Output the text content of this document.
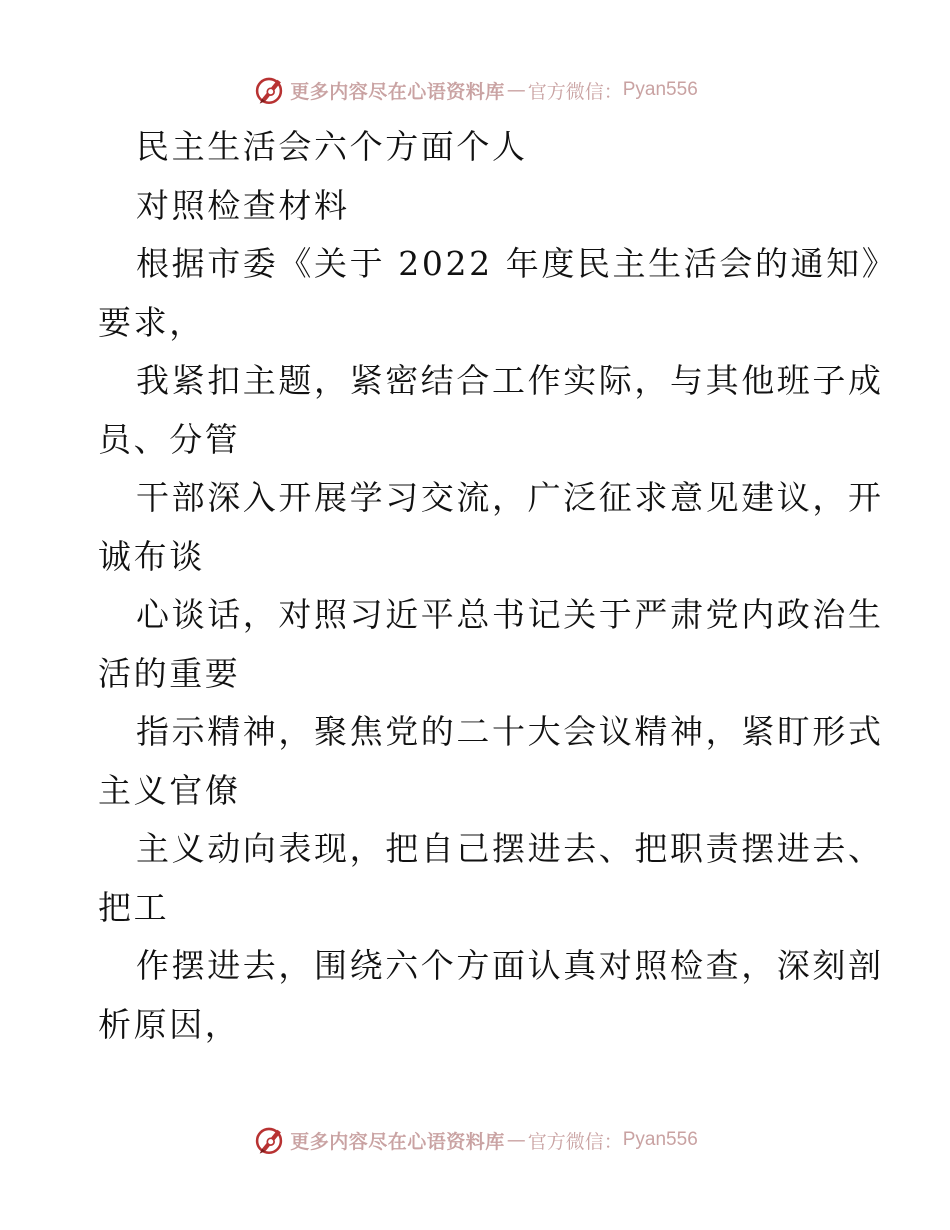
更多内容尽在心语资料库 — 官方微信： Pyan556
民主生活会六个方面个人
对照检查材料
根据市委《关于 2022 年度民主生活会的通知》
要求，
我紧扣主题，紧密结合工作实际，与其他班子成
员、分管
干部深入开展学习交流，广泛征求意见建议，开
诚布谈
心谈话，对照习近平总书记关于严肃党内政治生
活的重要
指示精神，聚焦党的二十大会议精神，紧盯形式
主义官僚
主义动向表现，把自己摆进去、把职责摆进去、
把工
作摆进去，围绕六个方面认真对照检查，深刻剖
析原因，
更多内容尽在心语资料库 — 官方微信： Pyan556
